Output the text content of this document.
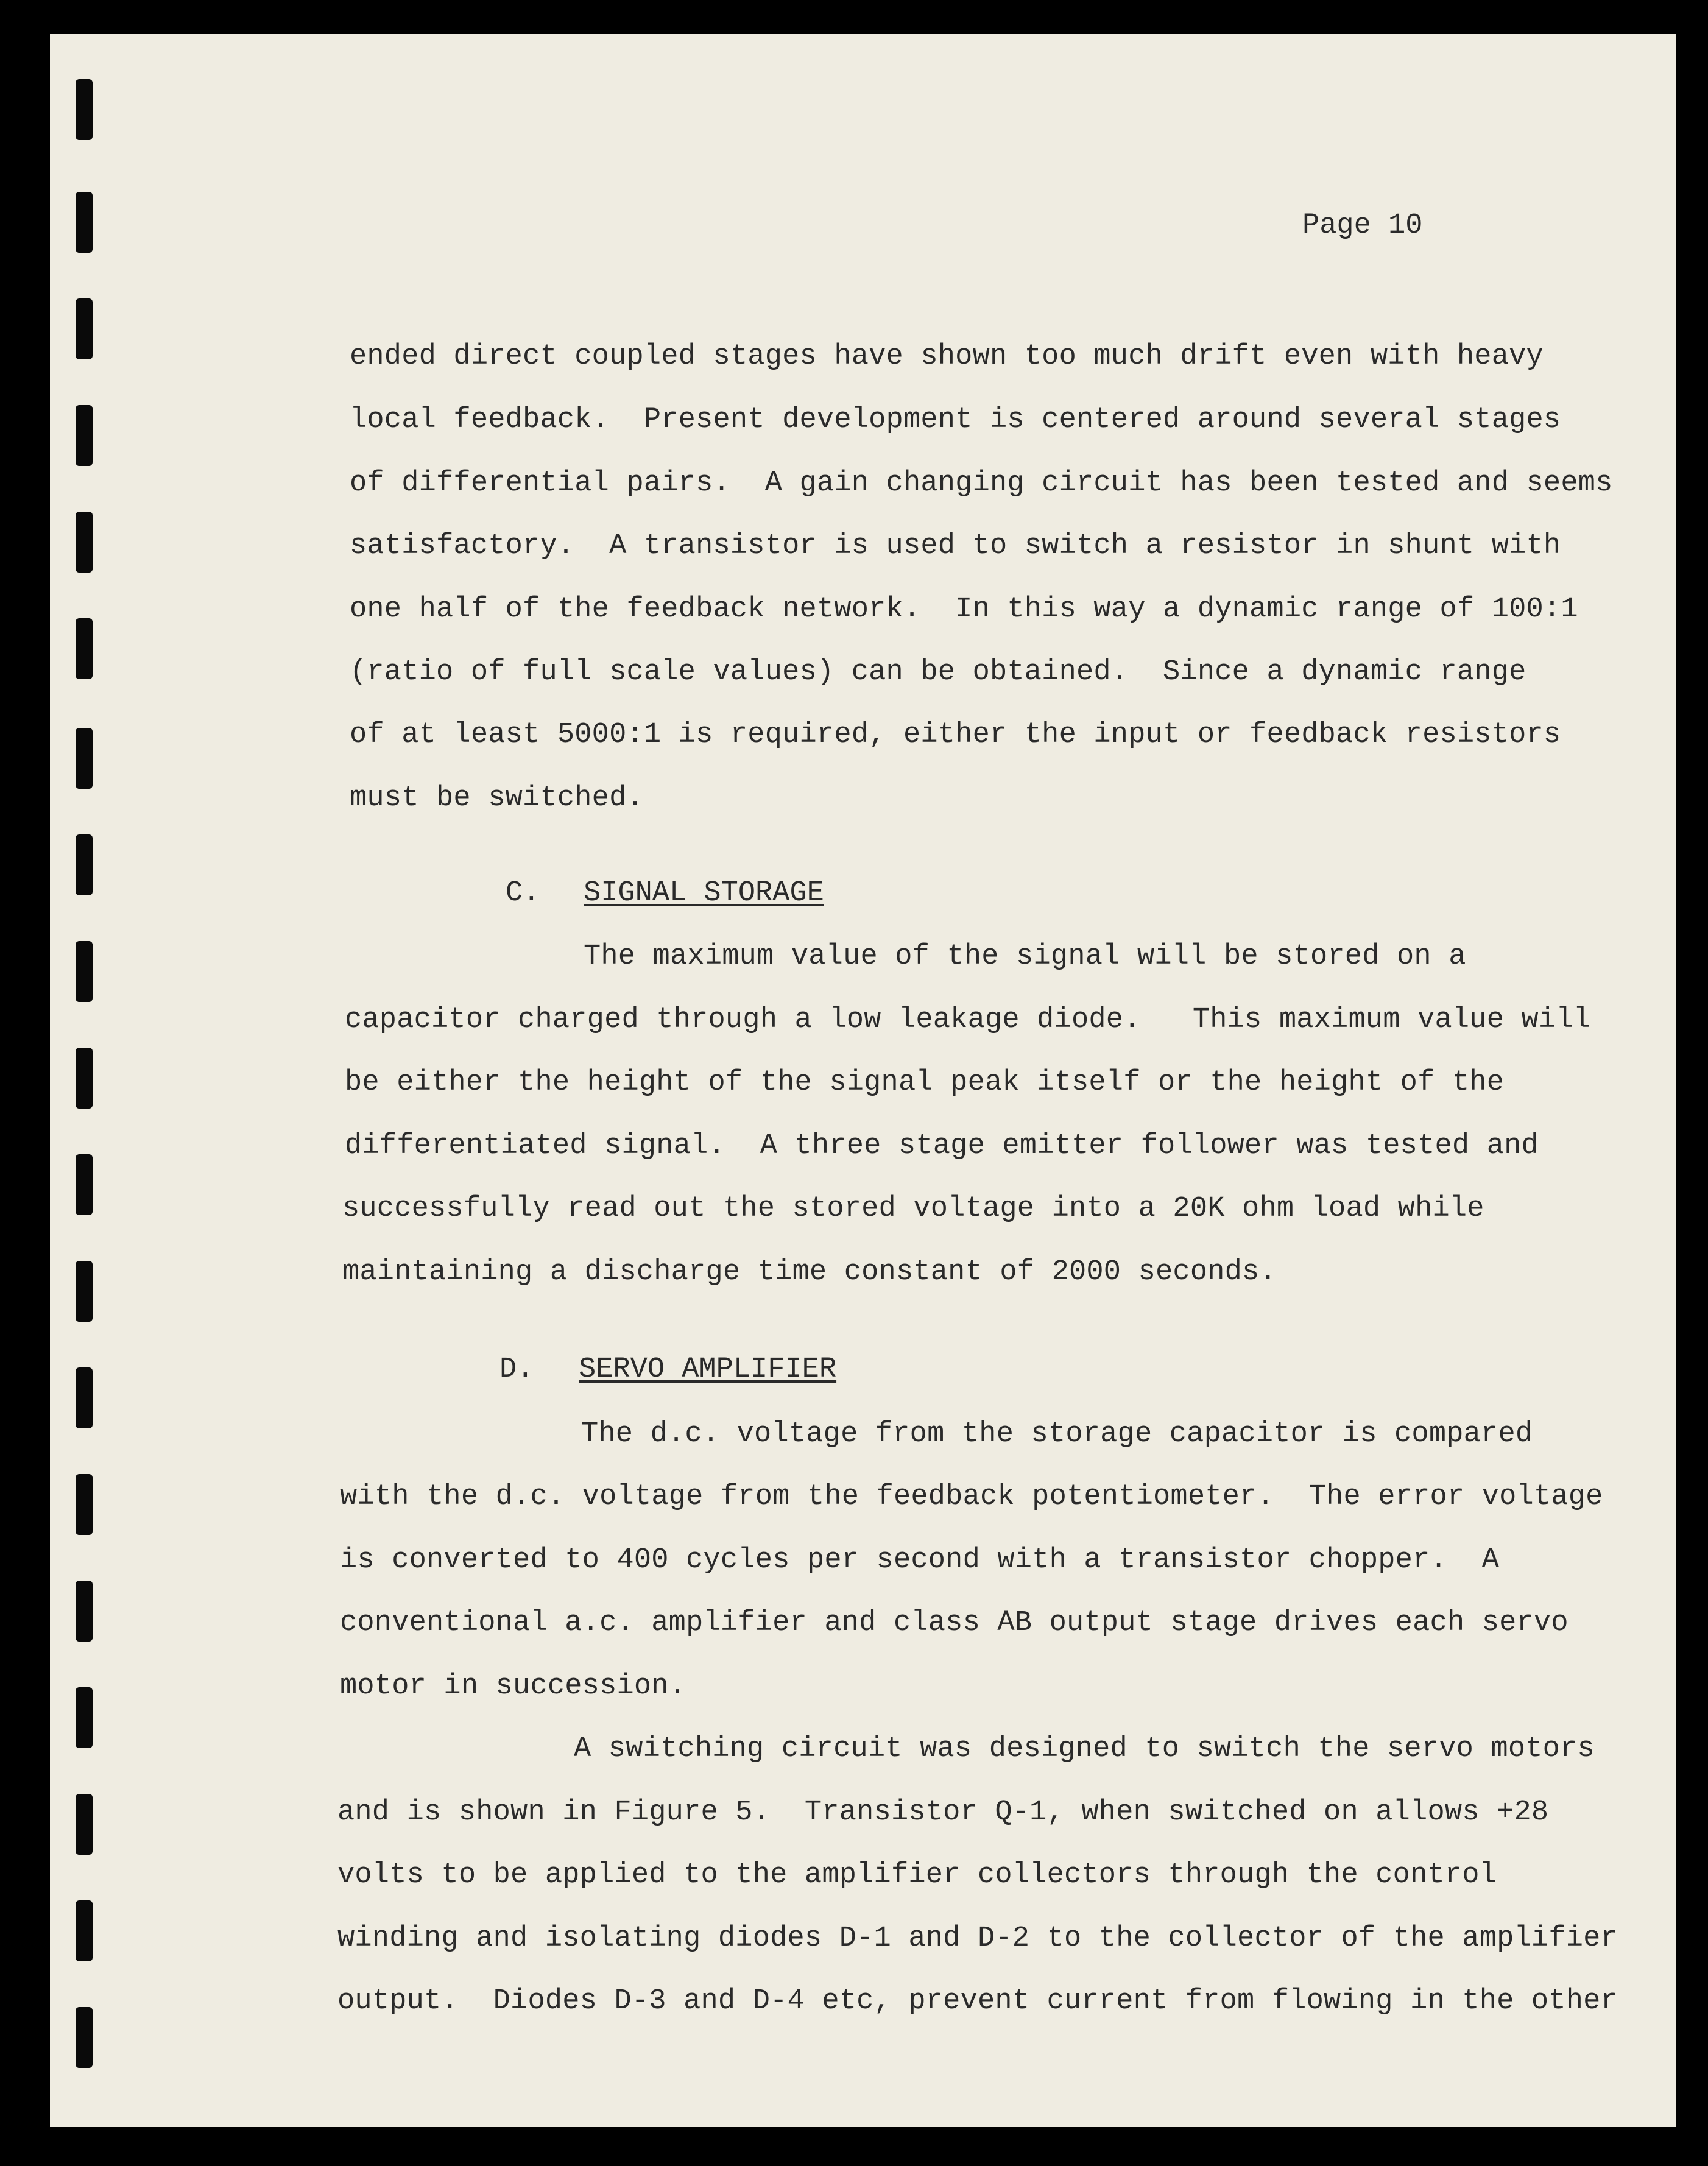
Page 10
ended direct coupled stages have shown too much drift even with heavy
local feedback.  Present development is centered around several stages
of differential pairs.  A gain changing circuit has been tested and seems
satisfactory.  A transistor is used to switch a resistor in shunt with
one half of the feedback network.  In this way a dynamic range of 100:1
(ratio of full scale values) can be obtained.  Since a dynamic range
of at least 5000:1 is required, either the input or feedback resistors
must be switched.
C. SIGNAL STORAGE
The maximum value of the signal will be stored on a
capacitor charged through a low leakage diode.   This maximum value will
be either the height of the signal peak itself or the height of the
differentiated signal.  A three stage emitter follower was tested and
successfully read out the stored voltage into a 20K ohm load while
maintaining a discharge time constant of 2000 seconds.
D. SERVO AMPLIFIER
The d.c. voltage from the storage capacitor is compared
with the d.c. voltage from the feedback potentiometer.  The error voltage
is converted to 400 cycles per second with a transistor chopper.  A
conventional a.c. amplifier and class AB output stage drives each servo
motor in succession.
A switching circuit was designed to switch the servo motors
and is shown in Figure 5.  Transistor Q-1, when switched on allows +28
volts to be applied to the amplifier collectors through the control
winding and isolating diodes D-1 and D-2 to the collector of the amplifier
output.  Diodes D-3 and D-4 etc, prevent current from flowing in the other
